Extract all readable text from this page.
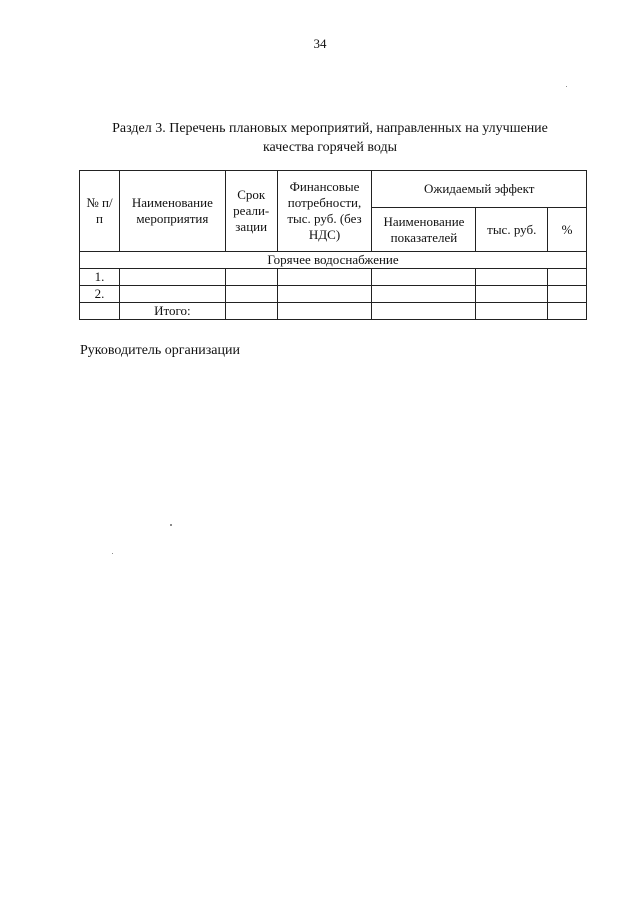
34
Раздел 3. Перечень плановых мероприятий, направленных на улучшение
качества горячей воды
№ п/п	Наименование мероприятия	Срок реали-зации	Финансовые потребности, тыс. руб. (без НДС)	Ожидаемый эффект		
				Наименование показателей	тыс. руб.	%
Горячее водоснабжение						
1.						
2.						
	Итого:					
Руководитель организации
